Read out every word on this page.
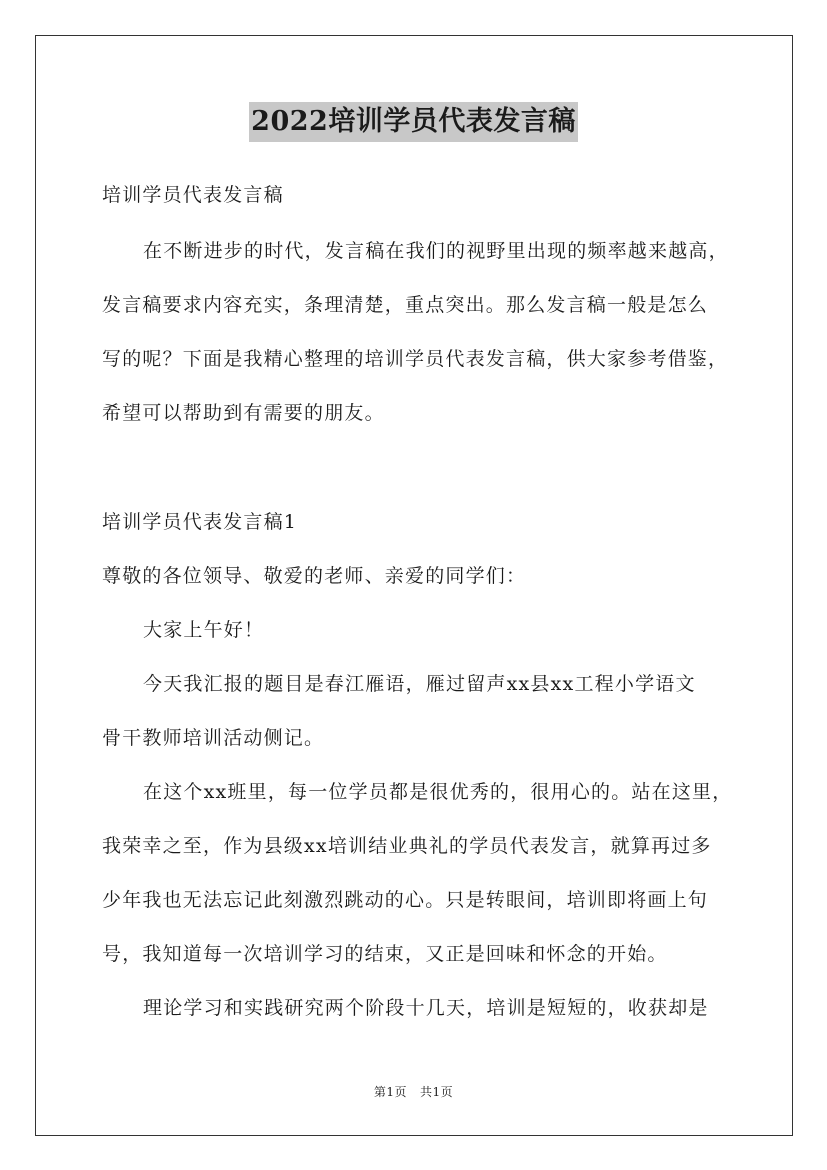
2022培训学员代表发言稿
培训学员代表发言稿
在不断进步的时代，发言稿在我们的视野里出现的频率越来越高，
发言稿要求内容充实，条理清楚，重点突出。那么发言稿一般是怎么
写的呢？下面是我精心整理的培训学员代表发言稿，供大家参考借鉴，
希望可以帮助到有需要的朋友。
培训学员代表发言稿1
尊敬的各位领导、敬爱的老师、亲爱的同学们：
大家上午好！
今天我汇报的题目是春江雁语，雁过留声xx县xx工程小学语文
骨干教师培训活动侧记。
在这个xx班里，每一位学员都是很优秀的，很用心的。站在这里，
我荣幸之至，作为县级xx培训结业典礼的学员代表发言，就算再过多
少年我也无法忘记此刻激烈跳动的心。只是转眼间，培训即将画上句
号，我知道每一次培训学习的结束，又正是回味和怀念的开始。
理论学习和实践研究两个阶段十几天，培训是短短的，收获却是
第1页 共1页
